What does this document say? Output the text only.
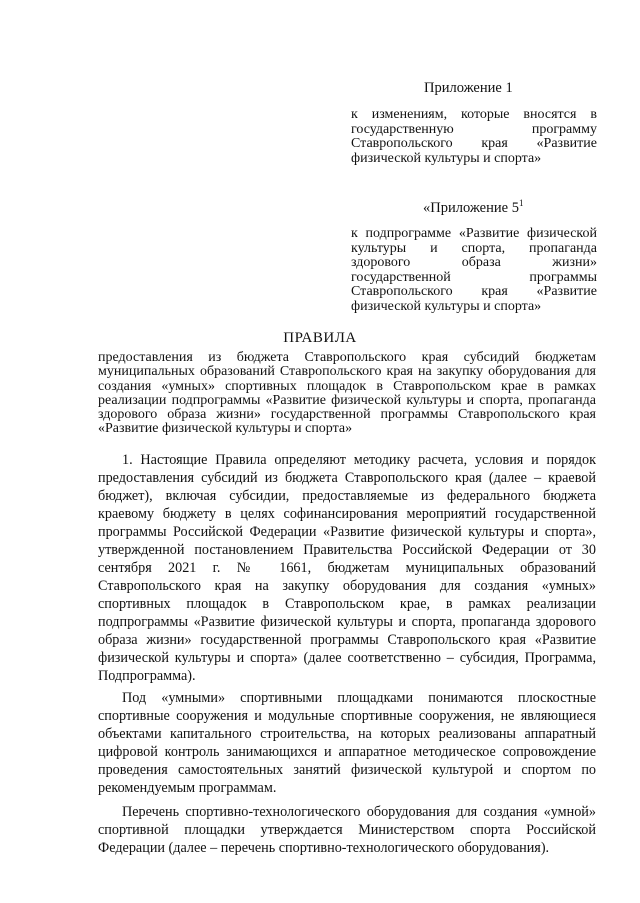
Приложение 1
к изменениям, которые вносятся в государственную программу Ставропольского края «Развитие физической культуры и спорта»
«Приложение $5^1$
к подпрограмме «Развитие физической культуры и спорта, пропаганда здорового образа жизни» государственной программы Ставропольского края «Развитие физической культуры и спорта»
ПРАВИЛА
предоставления из бюджета Ставропольского края субсидий бюджетам муниципальных образований Ставропольского края на закупку оборудования для создания «умных» спортивных площадок в Ставропольском крае в рамках реализации подпрограммы «Развитие физической культуры и спорта, пропаганда здорового образа жизни» государственной программы Ставропольского края «Развитие физической культуры и спорта»

1. Настоящие Правила определяют методику расчета, условия и порядок предоставления субсидий из бюджета Ставропольского края (далее – краевой бюджет), включая субсидии, предоставляемые из федерального бюджета краевому бюджету в целях софинансирования мероприятий государственной программы Российской Федерации «Развитие физической культуры и спорта», утвержденной постановлением Правительства Российской Федерации от 30 сентября 2021 г. № 1661, бюджетам муниципальных образований Ставропольского края на закупку оборудования для создания «умных» спортивных площадок в Ставропольском крае, в рамках реализации подпрограммы «Развитие физической культуры и спорта, пропаганда здорового образа жизни» государственной программы Ставропольского края «Развитие физической культуры и спорта» (далее соответственно – субсидия, Программа, Подпрограмма).

Под «умными» спортивными площадками понимаются плоскостные спортивные сооружения и модульные спортивные сооружения, не являющиеся объектами капитального строительства, на которых реализованы аппаратный цифровой контроль занимающихся и аппаратное методическое сопровождение проведения самостоятельных занятий физической культурой и спортом по рекомендуемым программам.

Перечень спортивно-технологического оборудования для создания «умной» спортивной площадки утверждается Министерством спорта Российской Федерации (далее – перечень спортивно-технологического оборудования).
